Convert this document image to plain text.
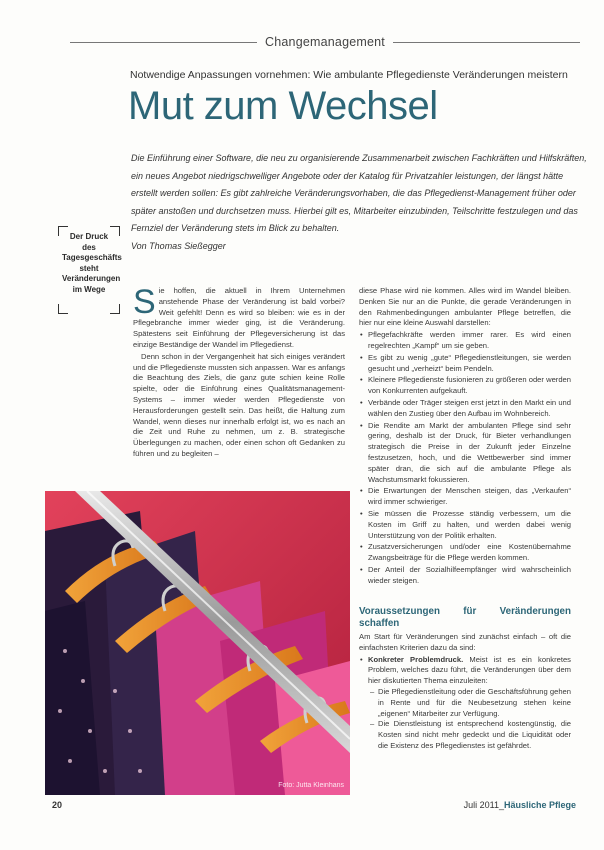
Changemanagement
Notwendige Anpassungen vornehmen: Wie ambulante Pflegedienste Veränderungen meistern
Mut zum Wechsel
Die Einführung einer Software, die neu zu organisierende Zusammenarbeit zwischen Fachkräften und Hilfskräften, ein neues Angebot niedrigschwelliger Angebote oder der Katalog für Privatzahler leistungen, der längst hätte erstellt werden sollen: Es gibt zahlreiche Veränderungsvorhaben, die das Pflegedienst-Management früher oder später anstoßen und durchsetzen muss. Hierbei gilt es, Mitarbeiter einzubinden, Teilschritte festzulegen und das Fernziel der Veränderung stets im Blick zu behalten.
Von Thomas Sießegger
Der Druck des Tagesgeschäfts steht Veränderungen im Wege Sie hoffen, die aktuell in Ihrem Unternehmen anstehende Phase der Veränderung ist bald vorbei? Weit gefehlt! Denn es wird so bleiben: wie es in der Pflegebranche immer wieder ging, ist die Veränderung. Spätestens seit Einführung der Pflegeversicherung ist das einzige Beständige der Wandel im Pflegedienst.

Denn schon in der Vergangenheit hat sich einiges verändert und die Pflegedienste mussten sich anpassen. War es anfangs die Beachtung des Ziels, die ganz gute schien keine Rolle spielte, oder die Einführung eines Qualitätsmanagement-Systems – immer wieder werden Pflegedienste von Herausforderungen gestellt sein. Das heißt, die Haltung zum Wandel, wenn dieses nur innerhalb erfolgt ist, wo es nach an die Zeit und Ruhe zu nehmen, um z. B. strategische Überlegungen zu machen, oder einen schon oft Gedanken zu führen und zu begleiten –

diese Phase wird nie kommen. Alles wird im Wandel bleiben. Denken Sie nur an die Punkte, die gerade Veränderungen in den Rahmenbedingungen ambulanter Pflege betreffen, die hier nur eine kleine Auswahl darstellen:

• Pflegefachkräfte werden immer rarer. Es wird einen regelrechten „Kampf“ um sie geben.
• Es gibt zu wenig „gute“ Pflegedienstleitungen, sie werden gesucht und „verheizt“ beim Pendeln.
• Kleinere Pflegedienste fusionieren zu größeren oder werden von Konkurrenten aufgekauft.
• Verbände oder Träger steigen erst jetzt in den Markt ein und wählen den Zustieg über den Aufbau im Wohnbereich.
• Die Rendite am Markt der ambulanten Pflege sind sehr gering, deshalb ist der Druck, für Bieter verhandlungen strategisch die Preise in der Zukunft jeder Einzelne festzusetzen, hoch, und die Wettbewerber sind immer später dran, die sich auf die ambulante Pflege als Wachstumsmarkt fokussieren.
• Die Erwartungen der Menschen steigen, das „Verkaufen“ wird immer schwieriger.
• Sie müssen die Prozesse ständig verbessern, um die Kosten im Griff zu halten, und werden dabei wenig Unterstützung von der Politik erhalten.
• Zusatzversicherungen und/oder eine Kostenübernahme Zwangsbeiträge für die Pflege werden kommen.
• Der Anteil der Sozialhilfeempfänger wird wahrscheinlich wieder steigen.
Voraussetzungen für Veränderungen schaffen

Am Start für Veränderungen sind zunächst einfach – oft die einfachsten Kriterien dazu da sind:

• Konkreter Problemdruck. Meist ist es ein konkretes Problem, welches dazu führt, die Veränderungen über dem hier diskutierten Thema einzuleiten:
– Die Pflegedienstleitung oder die Geschäftsführung gehen in Rente und für die Neubesetzung stehen keine „eigenen“ Mitarbeiter zur Verfügung.
– Die Dienstleistung ist entsprechend kostengünstig, die Kosten sind nicht mehr gedeckt und die Liquidität oder die Existenz des Pflegedienstes ist gefährdet.
Foto: Jutta Kleinhans
20	Juli 2011_Häusliche Pflege
